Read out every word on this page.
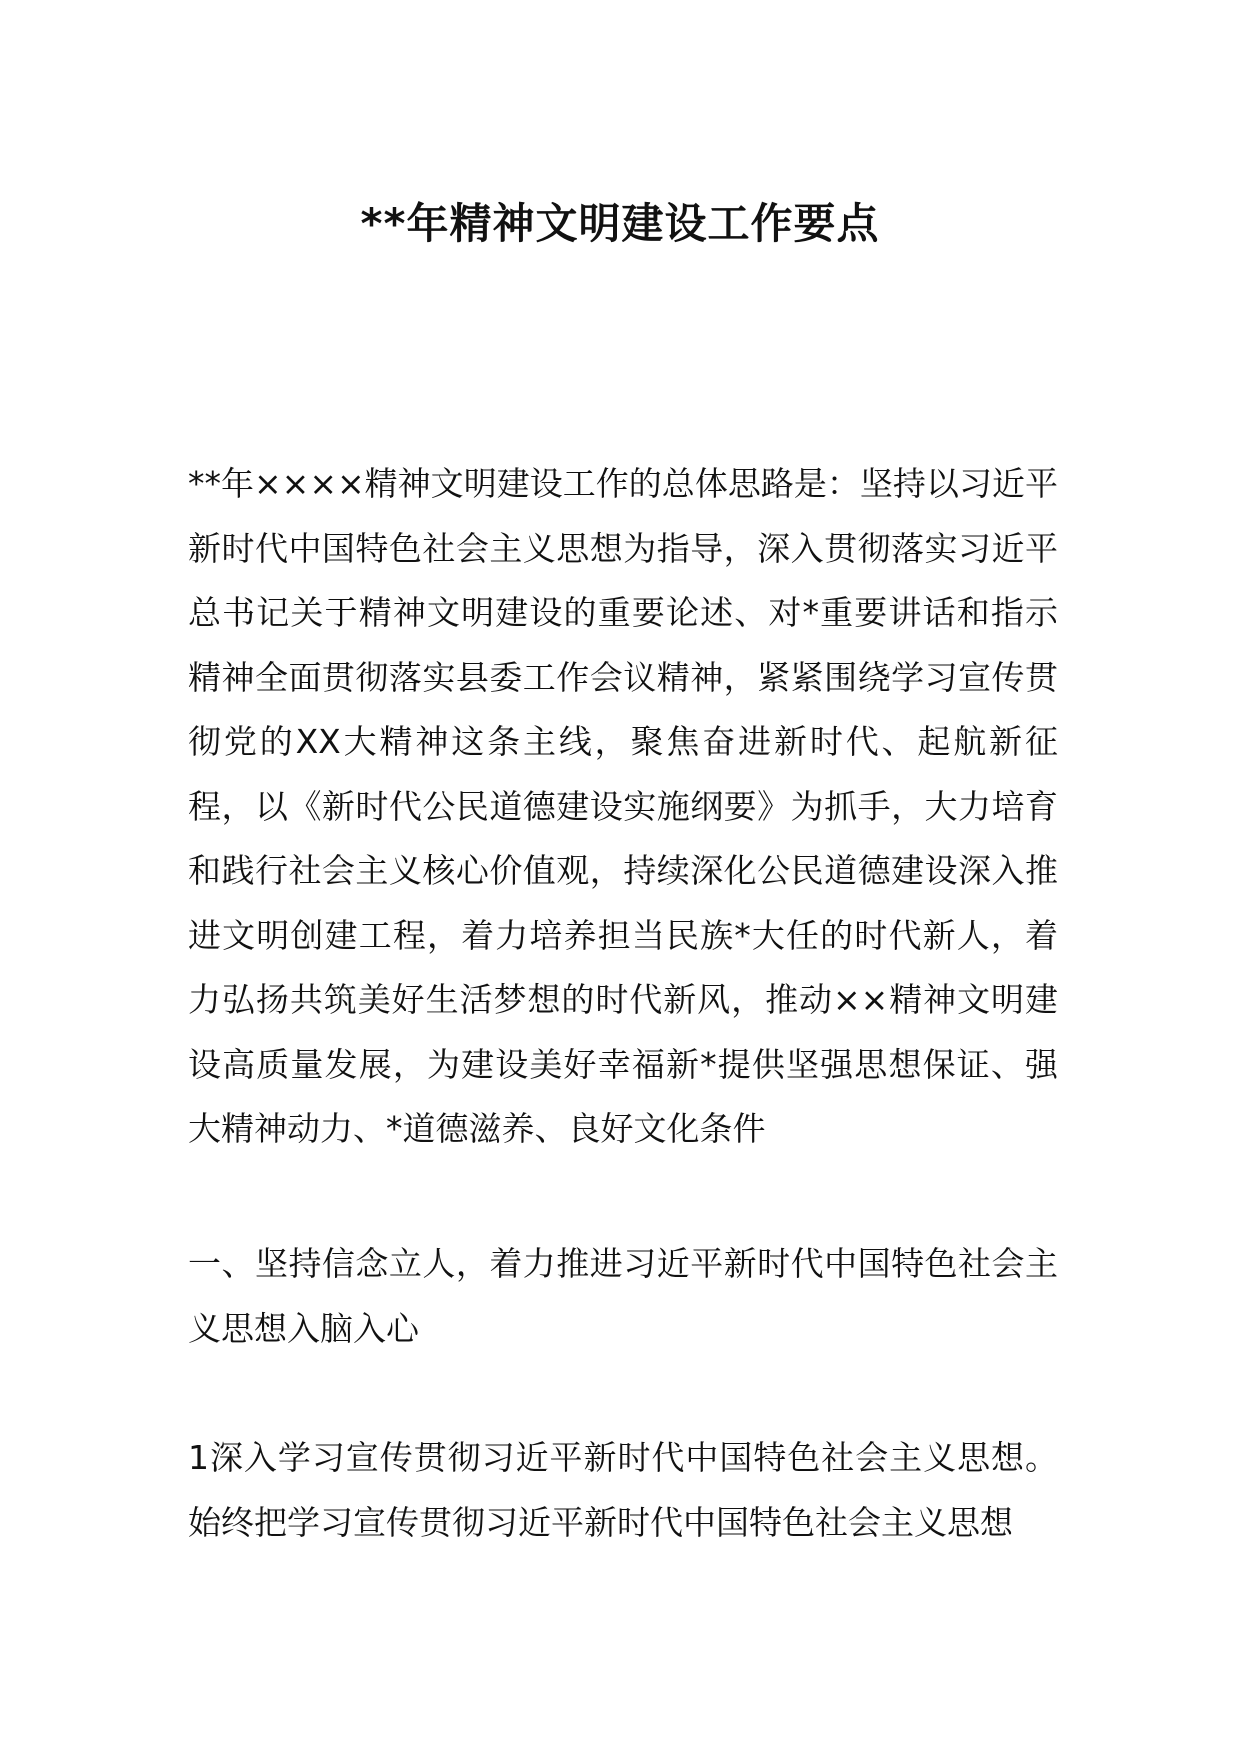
**年精神文明建设工作要点
**年××××精神文明建设工作的总体思路是：坚持以习近平新时代中国特色社会主义思想为指导，深入贯彻落实习近平总书记关于精神文明建设的重要论述、对*重要讲话和指示精神全面贯彻落实县委工作会议精神，紧紧围绕学习宣传贯彻党的XX大精神这条主线，聚焦奋进新时代、起航新征程，以《新时代公民道德建设实施纲要》为抓手，大力培育和践行社会主义核心价值观，持续深化公民道德建设深入推进文明创建工程，着力培养担当民族*大任的时代新人，着力弘扬共筑美好生活梦想的时代新风，推动××精神文明建设高质量发展，为建设美好幸福新*提供坚强思想保证、强大精神动力、*道德滋养、良好文化条件
一、坚持信念立人，着力推进习近平新时代中国特色社会主义思想入脑入心
1深入学习宣传贯彻习近平新时代中国特色社会主义思想。始终把学习宣传贯彻习近平新时代中国特色社会主义思想
